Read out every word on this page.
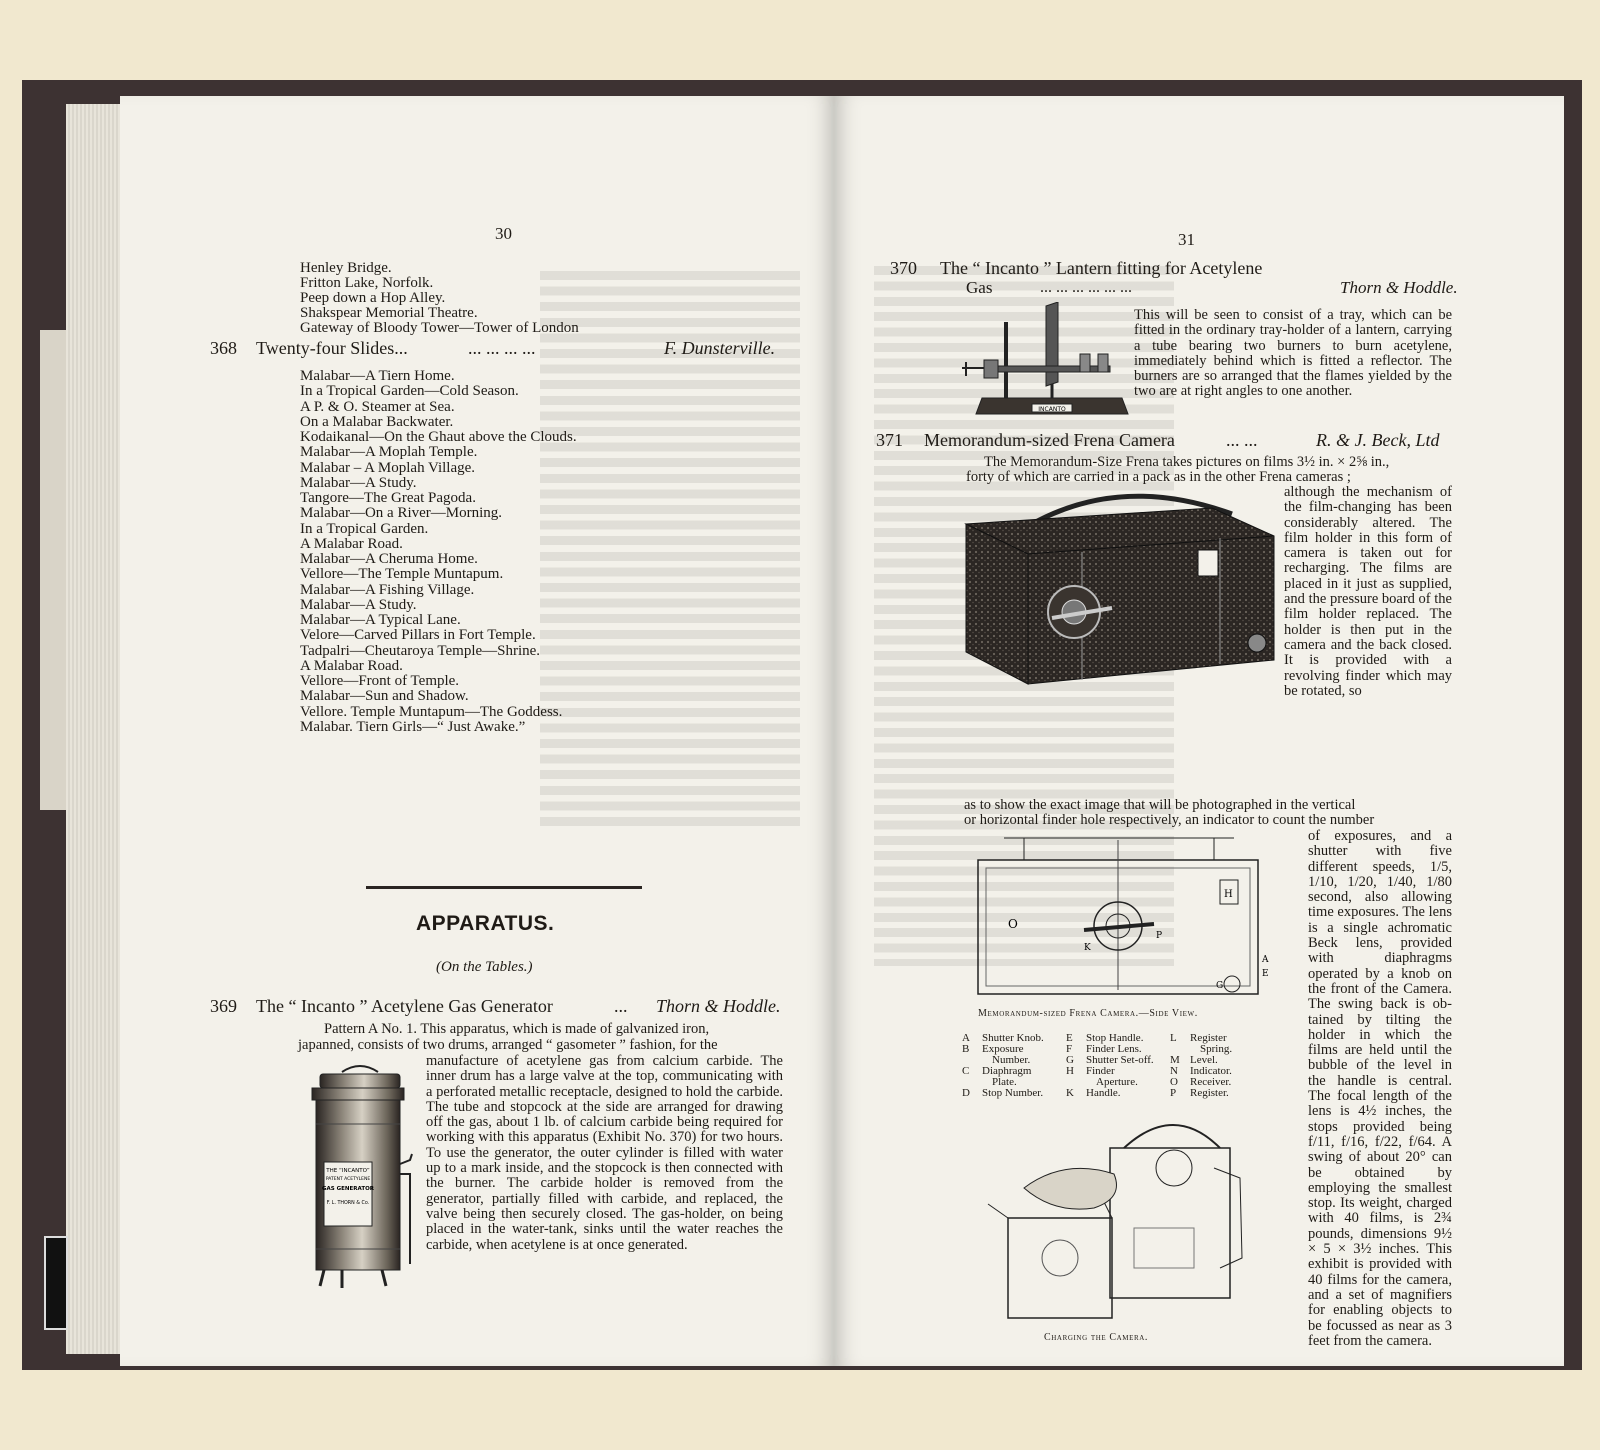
30
Henley Bridge.
Fritton Lake, Norfolk.
Peep down a Hop Alley.
Shakspear Memorial Theatre.
Gateway of Bloody Tower—Tower of London
368 Twenty-four Slides...	... ... ... ...	F. Dunsterville.
Malabar—A Tiern Home.
In a Tropical Garden—Cold Season.
A P. & O. Steamer at Sea.
On a Malabar Backwater.
Kodaikanal—On the Ghaut above the Clouds.
Malabar—A Moplah Temple.
Malabar – A Moplah Village.
Malabar—A Study.
Tangore—The Great Pagoda.
Malabar—On a River—Morning.
In a Tropical Garden.
A Malabar Road.
Malabar—A Cheruma Home.
Vellore—The Temple Muntapum.
Malabar—A Fishing Village.
Malabar—A Study.
Malabar—A Typical Lane.
Velore—Carved Pillars in Fort Temple.
Tadpalri—Cheutaroya Temple—Shrine.
A Malabar Road.
Vellore—Front of Temple.
Malabar—Sun and Shadow.
Vellore. Temple Muntapum—The Goddess.
Malabar. Tiern Girls—“ Just Awake.”
APPARATUS.
(On the Tables.)
369 The “ Incanto ” Acetylene Gas Generator	... Thorn & Hoddle.
Pattern A No. 1. This apparatus, which is made of galvanized iron,
japanned, consists of two drums, arranged “ gasometer ” fashion, for the
manufacture of acetylene gas from calcium carbide. The inner drum has a large valve at the top, communicating with a perforated metallic receptacle, designed to hold the carbide. The tube and stopcock at the side are arranged for drawing off the gas, about 1 lb. of calcium carbide being required for working with this apparatus (Exhibit No. 370) for two hours. To use the generator, the outer cylinder is filled with water up to a mark inside, and the stopcock is then connected with the burner. The carbide holder is removed from the generator, partially filled with carbide, and replaced, the valve being then securely closed. The gas-holder, on being placed in the water-tank, sinks until the water reaches the carbide, when acetylene is at once generated.
THE “INCANTO”
PATENT ACETYLENE
GAS GENERATOR
F. L. THORN & Co.
31
370 The “ Incanto ” Lantern fitting for Acetylene
Gas	... ... ... ... ... ...	Thorn & Hoddle.
INCANTO
This will be seen to consist of a tray, which can be fitted in the ordinary tray-holder of a lantern, carrying a tube bearing two burners to burn acetylene, immediately behind which is fitted a reflector. The burners are so arranged that the flames yielded by the two are at right angles to one another.
371 Memorandum-sized Frena Camera	... ...	R. & J. Beck, Ltd
The Memorandum-Size Frena takes pictures on films 3½ in. × 2⅝ in.,
forty of which are carried in a pack as in the other Frena cameras ;
although the mechanism of the film-changing has been considerably altered. The film holder in this form of camera is taken out for recharging. The films are placed in it just as supplied, and the pressure board of the film holder replaced. The holder is then put in the camera and the back closed. It is provided with a revolving finder which may be rotated, so
as to show the exact image that will be photographed in the vertical
or horizontal finder hole respectively, an indicator to count the number
of exposures, and a shutter with five different speeds, 1/5, 1/10, 1/20, 1/40, 1/80 second, also allowing time exposures. The lens is a single achromatic Beck lens, provided with diaphragms operated by a knob on the front of the Camera. The swing back is obtained by tilting the holder in which the films are held until the bubble of the level in the handle is central. The focal length of the lens is 4½ inches, the stops provided being f/11, f/16, f/22, f/64. A swing of about 20° can be obtained by employing the smallest stop. Its weight, charged with 40 films, is 2¾ pounds, dimensions 9½ × 5 × 3½ inches. This exhibit is provided with 40 films for the camera, and a set of magnifiers for enabling objects to be focussed as near as 3 feet from the camera.
O
H
P
K
G
A
E
Memorandum-sized Frena Camera.—Side View.
A Shutter Knob.
B Exposure
Number.
C Diaphragm
Plate.
D Stop Number.
E Stop Handle.
F Finder Lens.
G Shutter Set-off.
H Finder
Aperture.
K Handle.
L Register
Spring.
M Level.
N Indicator.
O Receiver.
P Register.
Charging the Camera.
